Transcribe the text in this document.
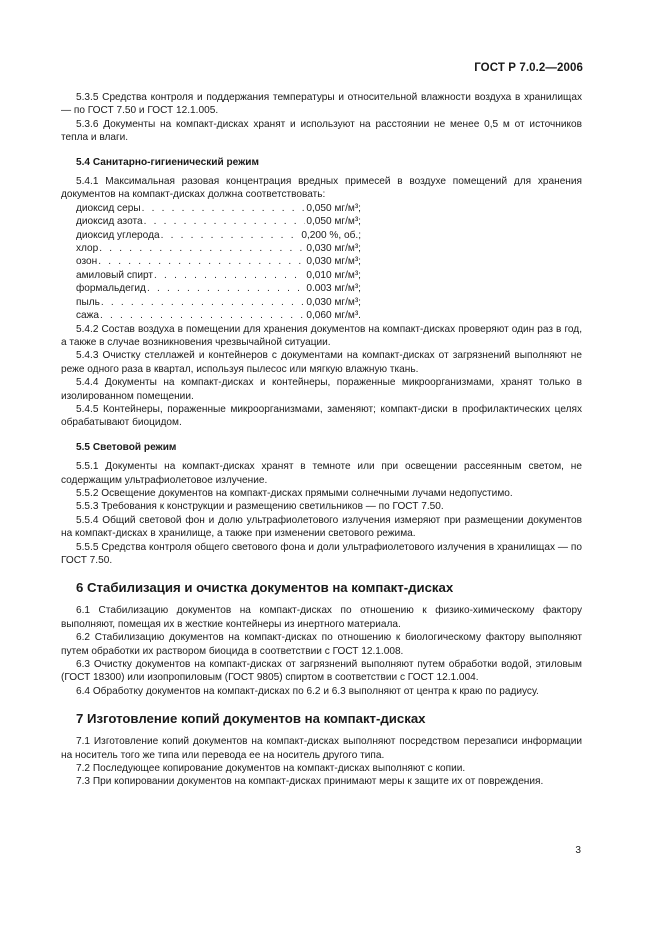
ГОСТ Р 7.0.2—2006

5.3.5 Средства контроля и поддержания температуры и относительной влажности воздуха в хранилищах — по ГОСТ 7.50 и ГОСТ 12.1.005.

5.3.6 Документы на компакт-дисках хранят и используют на расстоянии не менее 0,5 м от источников тепла и влаги.

5.4 Санитарно-гигиенический режим

5.4.1 Максимальная разовая концентрация вредных примесей в воздухе помещений для хранения документов на компакт-дисках должна соответствовать:

диоксид серы . . .	0,050 мг/м³;
диоксид азота . . .	0,050 мг/м³;
диоксид углерода . . .	0,200 %, об.;
хлор . . .	0,030 мг/м³;
озон . . .	0,030 мг/м³;
амиловый спирт . . .	0,010 мг/м³;
формальдегид . . .	0.003 мг/м³;
пыль . . .	0,030 мг/м³;
сажа . . .	0,060 мг/м³.

5.4.2 Состав воздуха в помещении для хранения документов на компакт-дисках проверяют один раз в год, а также в случае возникновения чрезвычайной ситуации.

5.4.3 Очистку стеллажей и контейнеров с документами на компакт-дисках от загрязнений выполняют не реже одного раза в квартал, используя пылесос или мягкую влажную ткань.

5.4.4 Документы на компакт-дисках и контейнеры, пораженные микроорганизмами, хранят только в изолированном помещении.

5.4.5 Контейнеры, пораженные микроорганизмами, заменяют; компакт-диски в профилактических целях обрабатывают биоцидом.

5.5 Световой режим

5.5.1 Документы на компакт-дисках хранят в темноте или при освещении рассеянным светом, не содержащим ультрафиолетовое излучение.

5.5.2 Освещение документов на компакт-дисках прямыми солнечными лучами недопустимо.

5.5.3 Требования к конструкции и размещению светильников — по ГОСТ 7.50.

5.5.4 Общий световой фон и долю ультрафиолетового излучения измеряют при размещении документов на компакт-дисках в хранилище, а также при изменении светового режима.

5.5.5 Средства контроля общего светового фона и доли ультрафиолетового излучения в хранилищах — по ГОСТ 7.50.

6 Стабилизация и очистка документов на компакт-дисках

6.1 Стабилизацию документов на компакт-дисках по отношению к физико-химическому фактору выполняют, помещая их в жесткие контейнеры из инертного материала.

6.2 Стабилизацию документов на компакт-дисках по отношению к биологическому фактору выполняют путем обработки их раствором биоцида в соответствии с ГОСТ 12.1.008.

6.3 Очистку документов на компакт-дисках от загрязнений выполняют путем обработки водой, этиловым (ГОСТ 18300) или изопропиловым (ГОСТ 9805) спиртом в соответствии с ГОСТ 12.1.004.

6.4 Обработку документов на компакт-дисках по 6.2 и 6.3 выполняют от центра к краю по радиусу.

7 Изготовление копий документов на компакт-дисках

7.1 Изготовление копий документов на компакт-дисках выполняют посредством перезаписи информации на носитель того же типа или перевода ее на носитель другого типа.

7.2 Последующее копирование документов на компакт-дисках выполняют с копии.

7.3 При копировании документов на компакт-дисках принимают меры к защите их от повреждения.

3
